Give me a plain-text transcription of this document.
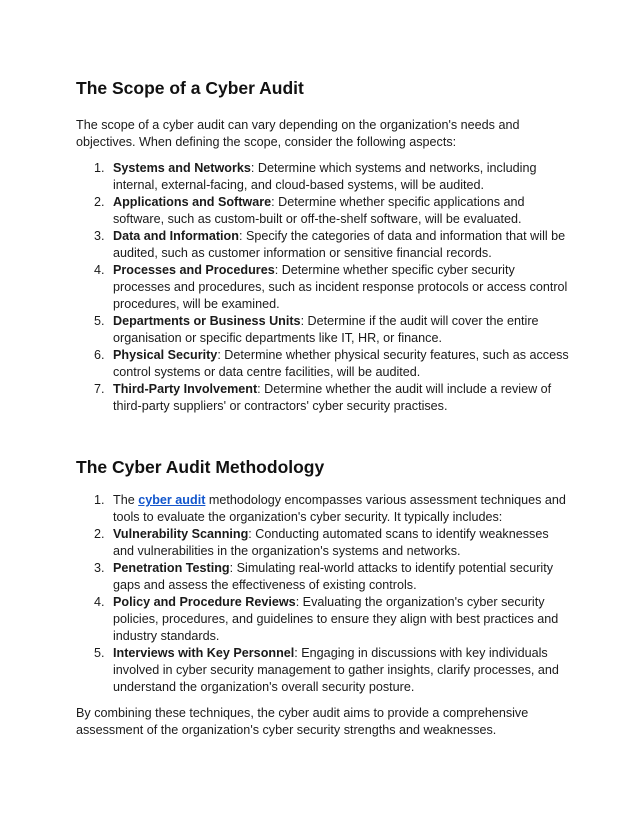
The Scope of a Cyber Audit

The scope of a cyber audit can vary depending on the organization's needs and objectives. When defining the scope, consider the following aspects:

1. Systems and Networks: Determine which systems and networks, including internal, external-facing, and cloud-based systems, will be audited.
2. Applications and Software: Determine whether specific applications and software, such as custom-built or off-the-shelf software, will be evaluated.
3. Data and Information: Specify the categories of data and information that will be audited, such as customer information or sensitive financial records.
4. Processes and Procedures: Determine whether specific cyber security processes and procedures, such as incident response protocols or access control procedures, will be examined.
5. Departments or Business Units: Determine if the audit will cover the entire organisation or specific departments like IT, HR, or finance.
6. Physical Security: Determine whether physical security features, such as access control systems or data centre facilities, will be audited.
7. Third-Party Involvement: Determine whether the audit will include a review of third-party suppliers' or contractors' cyber security practises.
The Cyber Audit Methodology
1. The cyber audit methodology encompasses various assessment techniques and tools to evaluate the organization's cyber security. It typically includes:
2. Vulnerability Scanning: Conducting automated scans to identify weaknesses and vulnerabilities in the organization's systems and networks.
3. Penetration Testing: Simulating real-world attacks to identify potential security gaps and assess the effectiveness of existing controls.
4. Policy and Procedure Reviews: Evaluating the organization's cyber security policies, procedures, and guidelines to ensure they align with best practices and industry standards.
5. Interviews with Key Personnel: Engaging in discussions with key individuals involved in cyber security management to gather insights, clarify processes, and understand the organization's overall security posture.

By combining these techniques, the cyber audit aims to provide a comprehensive assessment of the organization's cyber security strengths and weaknesses.
